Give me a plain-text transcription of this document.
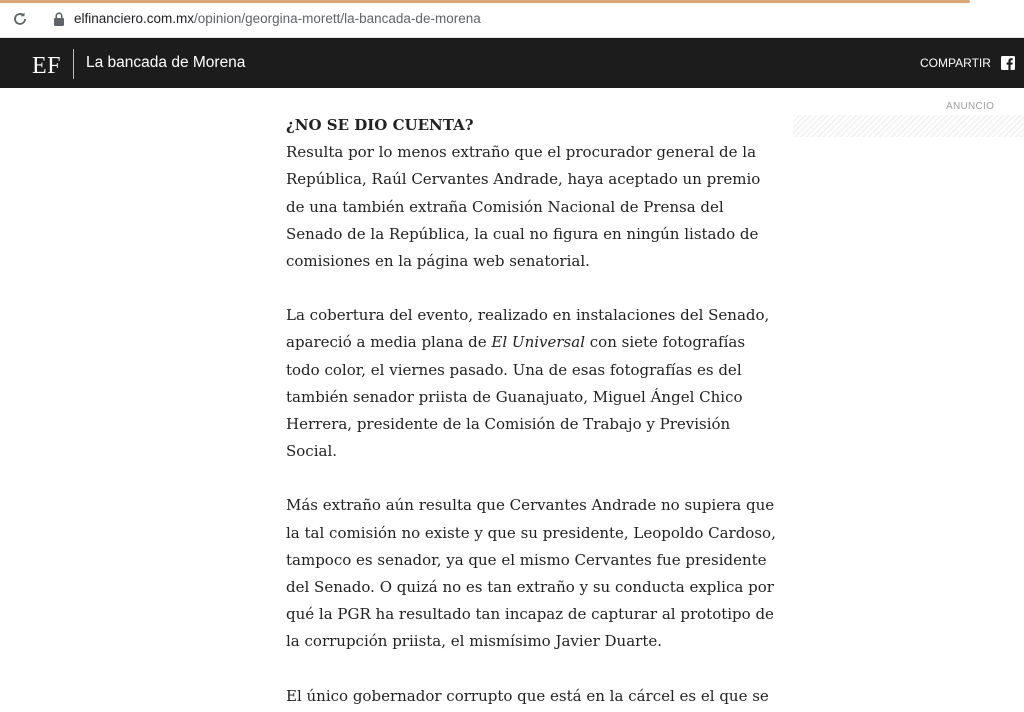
elfinanciero.com.mx/opinion/georgina-morett/la-bancada-de-morena
EF La bancada de Morena	COMPARTIR
ANUNCIO

¿NO SE DIO CUENTA?

Resulta por lo menos extraño que el procurador general de la República, Raúl Cervantes Andrade, haya aceptado un premio de una también extraña Comisión Nacional de Prensa del Senado de la República, la cual no figura en ningún listado de comisiones en la página web senatorial.

La cobertura del evento, realizado en instalaciones del Senado, apareció a media plana de El Universal con siete fotografías todo color, el viernes pasado. Una de esas fotografías es del también senador priista de Guanajuato, Miguel Ángel Chico Herrera, presidente de la Comisión de Trabajo y Previsión Social.

Más extraño aún resulta que Cervantes Andrade no supiera que la tal comisión no existe y que su presidente, Leopoldo Cardoso, tampoco es senador, ya que el mismo Cervantes fue presidente del Senado. O quizá no es tan extraño y su conducta explica por qué la PGR ha resultado tan incapaz de capturar al prototipo de la corrupción priista, el mismísimo Javier Duarte.

El único gobernador corrupto que está en la cárcel es el que se
